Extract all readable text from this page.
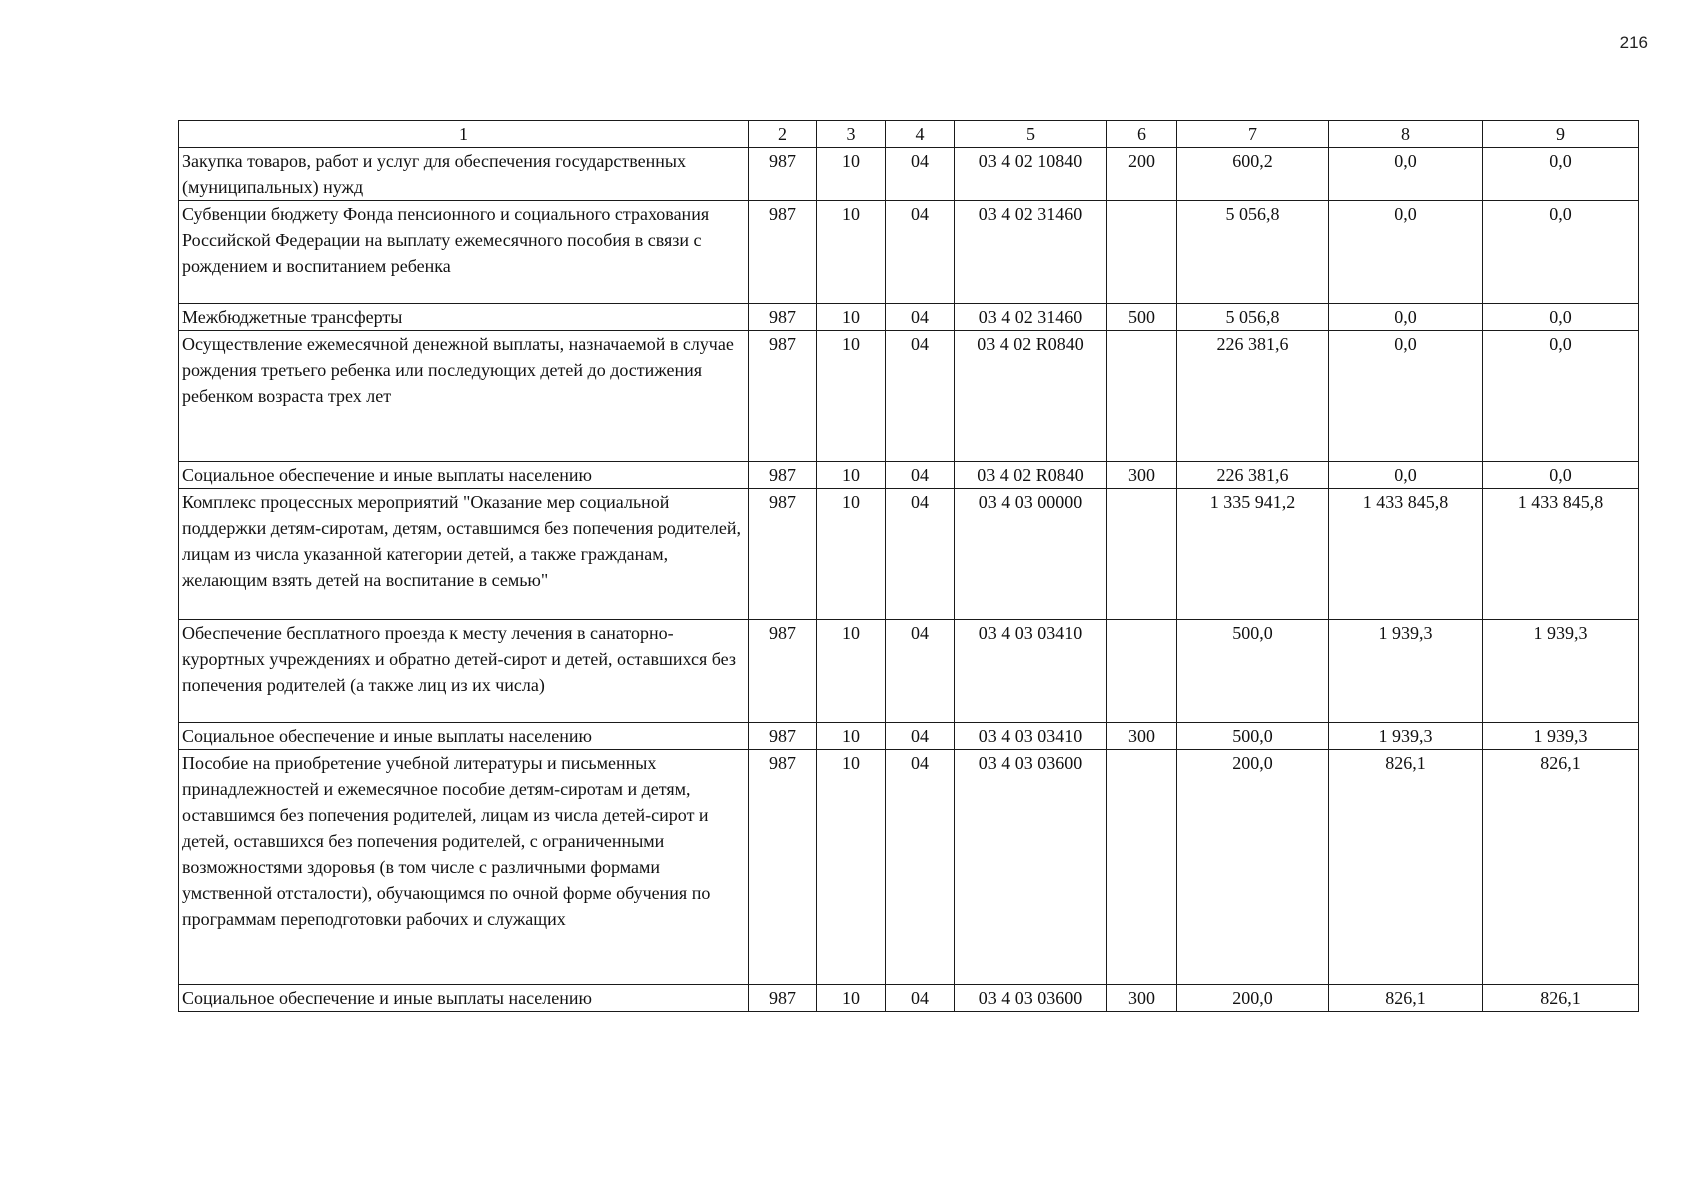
216
1	2	3	4	5	6	7	8	9
Закупка товаров, работ и услуг для обеспечения государственных (муниципальных) нужд	987	10	04	03 4 02 10840	200	600,2	0,0	0,0
Субвенции бюджету Фонда пенсионного и социального страхования Российской Федерации на выплату ежемесячного пособия в связи с рождением и воспитанием ребенка	987	10	04	03 4 02 31460		5 056,8	0,0	0,0
Межбюджетные трансферты	987	10	04	03 4 02 31460	500	5 056,8	0,0	0,0
Осуществление ежемесячной денежной выплаты, назначаемой в случае рождения третьего ребенка или последующих детей до достижения ребенком возраста трех лет	987	10	04	03 4 02 R0840		226 381,6	0,0	0,0
Социальное обеспечение и иные выплаты населению	987	10	04	03 4 02 R0840	300	226 381,6	0,0	0,0
Комплекс процессных мероприятий "Оказание мер социальной поддержки детям-сиротам, детям, оставшимся без попечения родителей, лицам из числа указанной категории детей, а также гражданам, желающим взять детей на воспитание в семью"	987	10	04	03 4 03 00000		1 335 941,2	1 433 845,8	1 433 845,8
Обеспечение бесплатного проезда к месту лечения в санаторно-курортных учреждениях и обратно детей-сирот и детей, оставшихся без попечения родителей (а также лиц из их числа)	987	10	04	03 4 03 03410		500,0	1 939,3	1 939,3
Социальное обеспечение и иные выплаты населению	987	10	04	03 4 03 03410	300	500,0	1 939,3	1 939,3
Пособие на приобретение учебной литературы и письменных принадлежностей и ежемесячное пособие детям-сиротам и детям, оставшимся без попечения родителей, лицам из числа детей-сирот и детей, оставшихся без попечения родителей, с ограниченными возможностями здоровья (в том числе с различными формами умственной отсталости), обучающимся по очной форме обучения по программам переподготовки рабочих и служащих	987	10	04	03 4 03 03600		200,0	826,1	826,1
Социальное обеспечение и иные выплаты населению	987	10	04	03 4 03 03600	300	200,0	826,1	826,1
